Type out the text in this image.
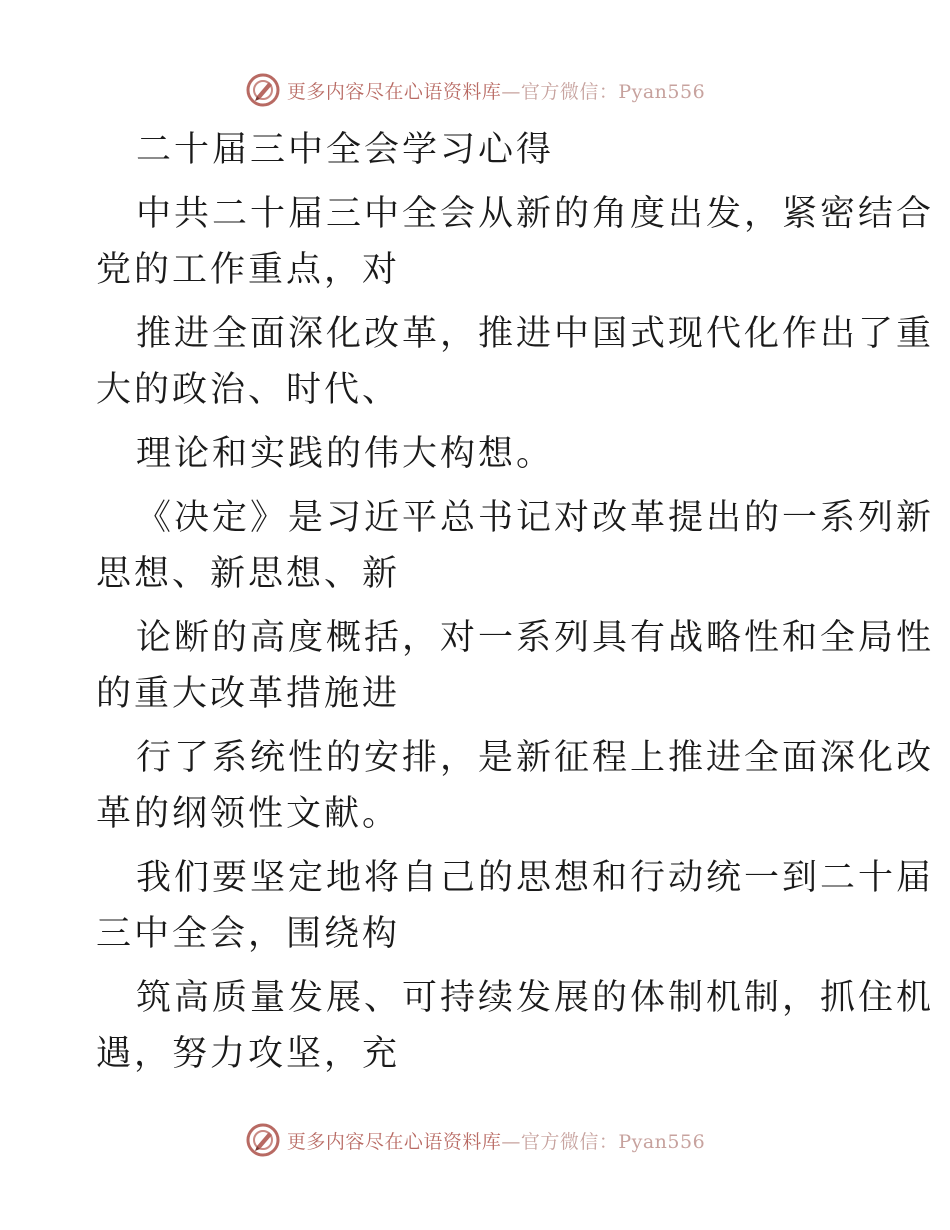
更多内容尽在心语资料库—官方微信：Pyan556
二十届三中全会学习心得
中共二十届三中全会从新的角度出发，紧密结合
党的工作重点，对
推进全面深化改革，推进中国式现代化作出了重
大的政治、时代、
理论和实践的伟大构想。
《决定》是习近平总书记对改革提出的一系列新
思想、新思想、新
论断的高度概括，对一系列具有战略性和全局性
的重大改革措施进
行了系统性的安排，是新征程上推进全面深化改
革的纲领性文献。
我们要坚定地将自己的思想和行动统一到二十届
三中全会，围绕构
筑高质量发展、可持续发展的体制机制，抓住机
遇，努力攻坚，充
更多内容尽在心语资料库—官方微信：Pyan556
